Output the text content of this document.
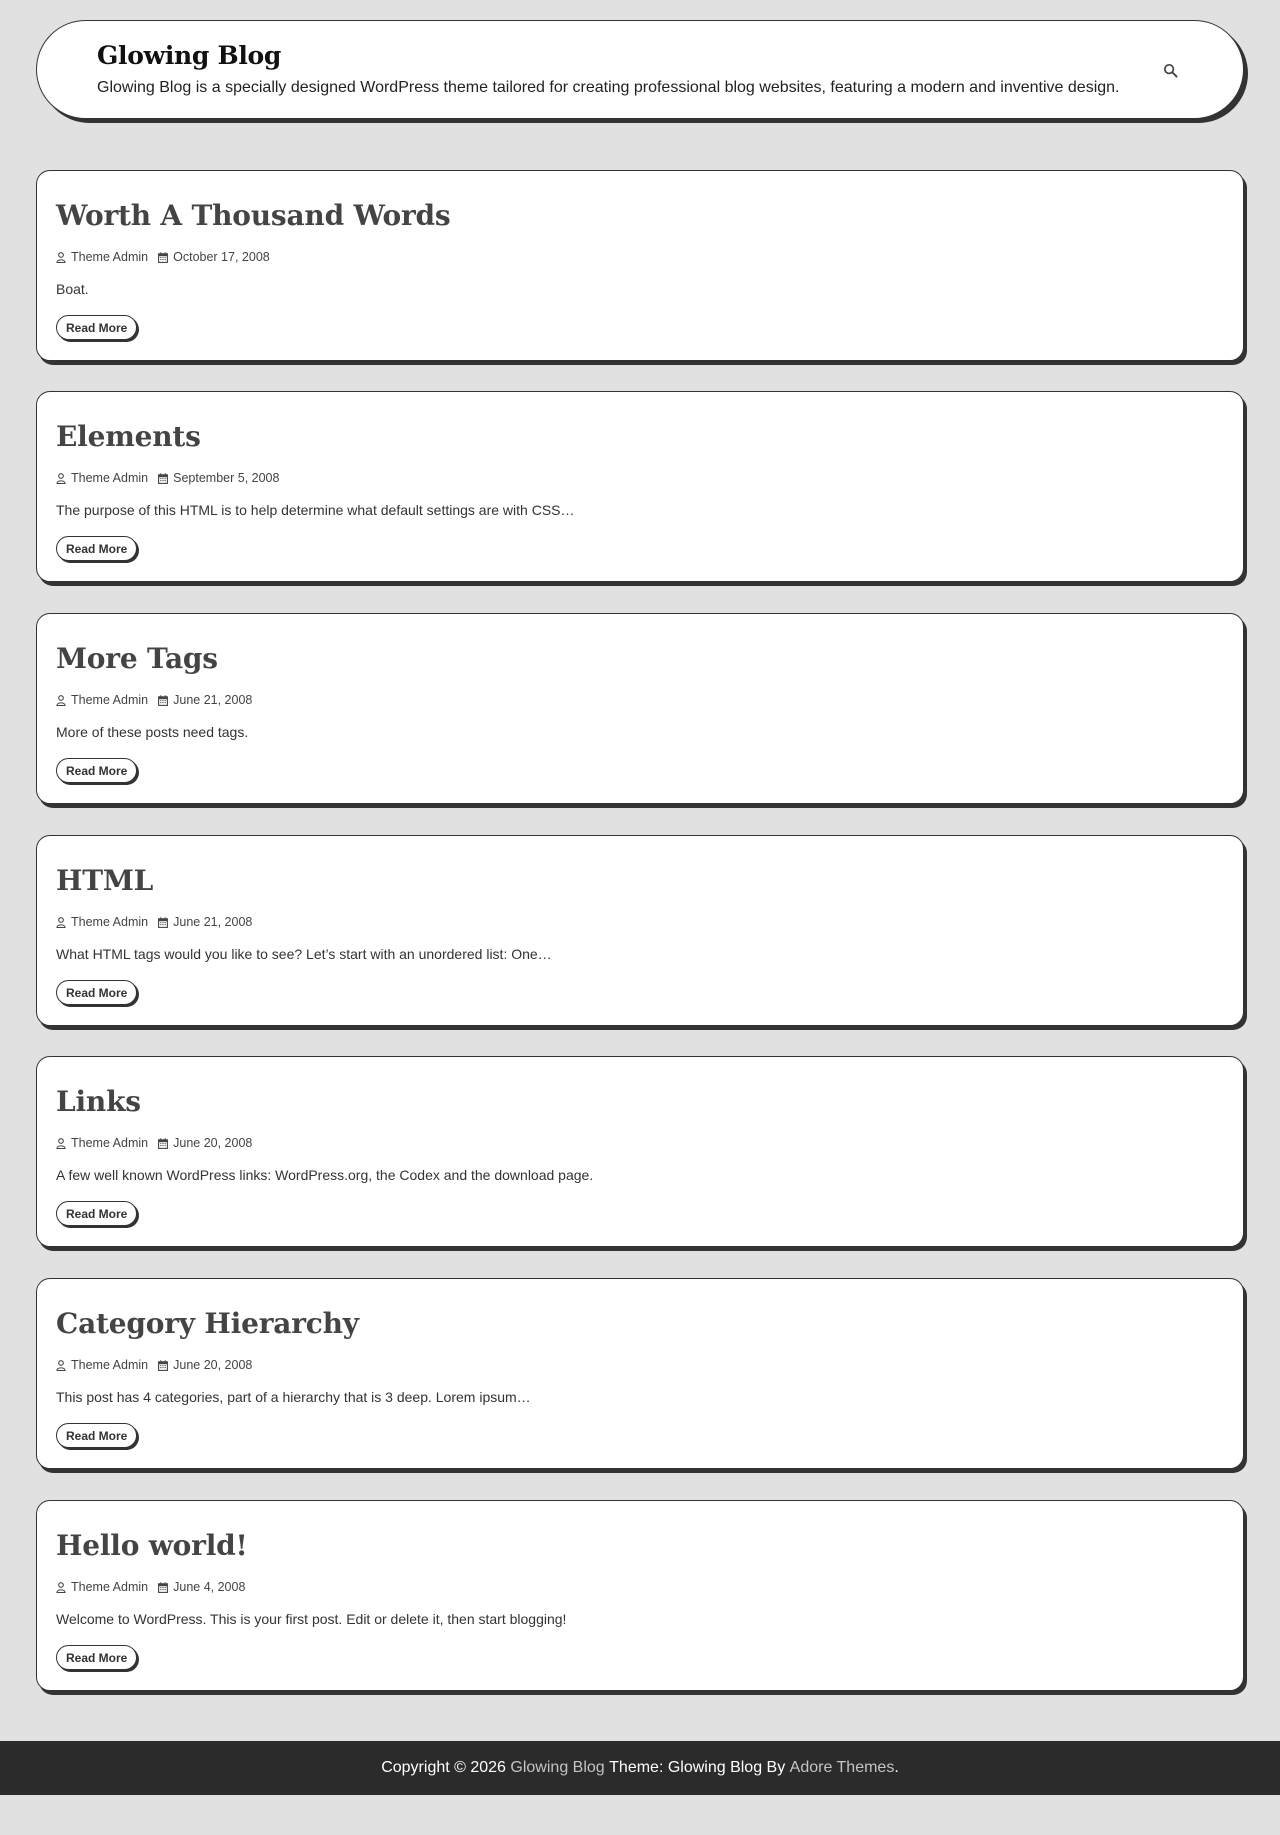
Glowing Blog

Glowing Blog is a specially designed WordPress theme tailored for creating professional blog websites, featuring a modern and inventive design.

Worth A Thousand Words
Theme Admin October 17, 2008

Boat.

Read More
Elements
Theme Admin September 5, 2008

The purpose of this HTML is to help determine what default settings are with CSS…

Read More
More Tags
Theme Admin June 21, 2008

More of these posts need tags.

Read More
HTML
Theme Admin June 21, 2008

What HTML tags would you like to see? Let’s start with an unordered list: One…

Read More
Links
Theme Admin June 20, 2008

A few well known WordPress links: WordPress.org, the Codex and the download page.

Read More
Category Hierarchy
Theme Admin June 20, 2008

This post has 4 categories, part of a hierarchy that is 3 deep. Lorem ipsum…

Read More
Hello world!
Theme Admin June 4, 2008

Welcome to WordPress. This is your first post. Edit or delete it, then start blogging!

Read More
Copyright © 2026
Glowing Blog
Theme: Glowing Blog By
Adore Themes .
